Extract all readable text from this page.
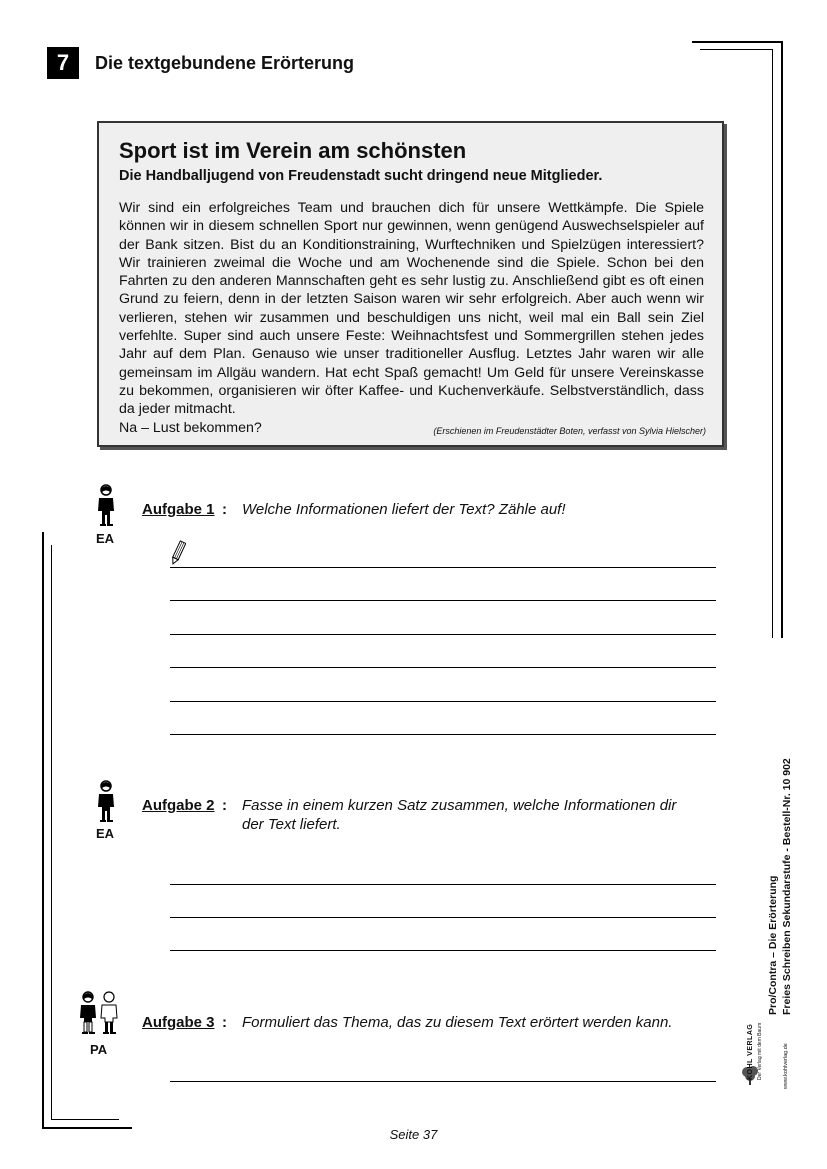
7	Die textgebundene Erörterung
Sport ist im Verein am schönsten
Die Handballjugend von Freudenstadt sucht dringend neue Mitglieder.

Wir sind ein erfolgreiches Team und brauchen dich für unsere Wettkämpfe. Die Spiele können wir in diesem schnellen Sport nur gewinnen, wenn genügend Auswechselspieler auf der Bank sitzen. Bist du an Konditionstraining, Wurftechniken und Spielzügen interessiert? Wir trainieren zweimal die Woche und am Wochenende sind die Spiele. Schon bei den Fahrten zu den anderen Mannschaften geht es sehr lustig zu. Anschließend gibt es oft einen Grund zu feiern, denn in der letzten Saison waren wir sehr erfolgreich. Aber auch wenn wir verlieren, stehen wir zusammen und beschuldigen uns nicht, weil mal ein Ball sein Ziel verfehlte. Super sind auch unsere Feste: Weihnachtsfest und Sommergrillen stehen jedes Jahr auf dem Plan. Genauso wie unser traditioneller Ausflug. Letztes Jahr waren wir alle gemeinsam im Allgäu wandern. Hat echt Spaß gemacht! Um Geld für unsere Vereinskasse zu bekommen, organisieren wir öfter Kaffee- und Kuchenverkäufe. Selbstverständlich, dass da jeder mitmacht.

Na – Lust bekommen?	(Erschienen im Freudenstädter Boten, verfasst von Sylvia Hielscher)
EA
Aufgabe 1 : Welche Informationen liefert der Text? Zähle auf!
EA
Aufgabe 2 : Fasse in einem kurzen Satz zusammen, welche Informationen dir der Text liefert.
PA
Aufgabe 3 : Formuliert das Thema, das zu diesem Text erörtert werden kann.
Pro/Contra – Die Erörterung Freies Schreiben Sekundarstufe - Bestell-Nr. 10 902
KOHL VERLAG Der Verlag mit dem Baum	www.kohlverlag.de
Seite 37
